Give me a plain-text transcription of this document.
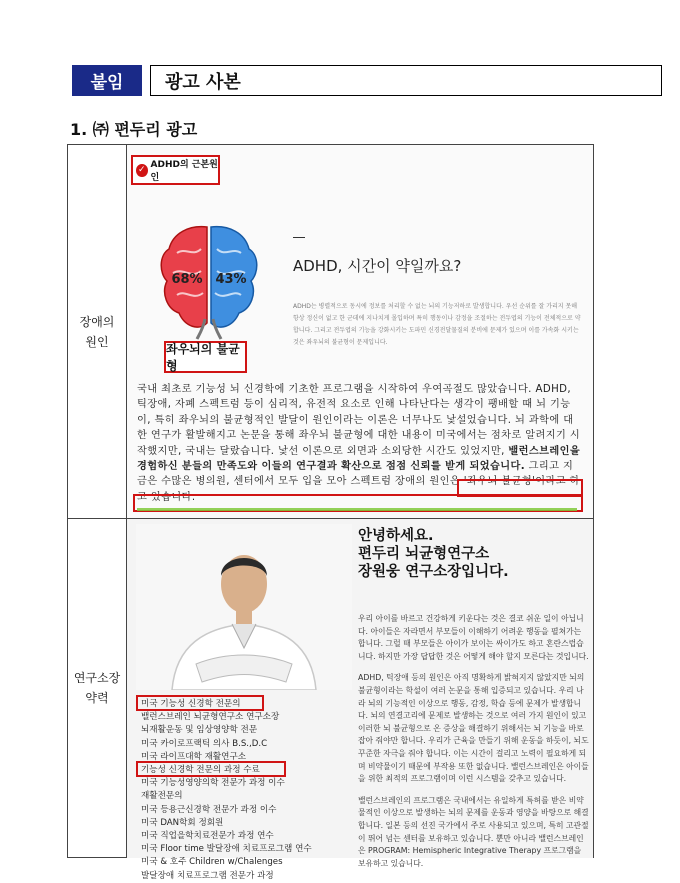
붙임	광고 사본
1. ㈜ 편두리 광고
장애의
원인
연구소장
약력
✓ ADHD의 근본원인
68% 43%
좌우뇌의 불균형
ADHD, 시간이 약일까요?
ADHD는 병렬적으로 동시에 정보를 처리할 수 없는 뇌의 기능저하로 발생합니다. 우선 순위를 잘 가리지 못해 항상 정신이 없고 한 군데에 지나치게 몰입하며 특히 행동이나 감정을 조절하는 전두엽의 기능이 전체적으로 약합니다. 그리고 전두엽의 기능을 강화시키는 도파민 신경전달물질의 분비에 문제가 있으며 이를 가속화 시키는 것은 좌우뇌의 불균형이 문제입니다.
국내 최초로 기능성 뇌 신경학에 기초한 프로그램을 시작하여 우여곡절도 많았습니다. ADHD, 틱장애, 자폐 스펙트럼 등이 심리적, 유전적 요소로 인해 나타난다는 생각이 팽배할 때 뇌 기능이, 특히 좌우뇌의 불균형적인 발달이 원인이라는 이론은 너무나도 낯설었습니다. 뇌 과학에 대한 연구가 활발해지고 논문을 통해 좌우뇌 불균형에 대한 내용이 미국에서는 점차로 알려지기 시작했지만, 국내는 달랐습니다. 낯선 이론으로 외면과 소외당한 시간도 있었지만, 밸런스브레인을 경험하신 분들의 만족도와 이들의 연구결과 확산으로 점점 신뢰를 받게 되었습니다. 그리고 지금은 수많은 병의원, 센터에서 모두 입을 모아 스펙트럼 장애의 원인은 '좌우뇌 불균형'이라고 하고 있습니다.
미국 기능성 신경학 전문의
밸런스브레인 뇌균형연구소 연구소장
뇌재활운동 및 임상영양학 전문
미국 카이로프랙틱 의사 B.S.,D.C
미국 라이프대학 재활연구소
기능성 신경학 전문의 과정 수료
미국 기능성영양의학 전문가 과정 이수
재활전문의
미국 등용근신경학 전문가 과정 이수
미국 DAN학회 정회원
미국 직업을학치료전문가 과정 연수
미국 Floor time 발달장애 치료프로그램 연수
미국 & 호주 Children w/Chalenges
발달장애 치료프로그램 전문가 과정
안녕하세요.
편두리 뇌균형연구소
장원웅 연구소장입니다.

우리 아이를 바르고 건강하게 키운다는 것은 결코 쉬운 일이 아닙니다. 아이들은 자라면서 부모들이 이해하기 어려운 행동을 펼쳐가는 합니다. 그럴 때 부모들은 아이가 보이는 싸이가도 하고 혼란스럽습니다. 하지만 가장 답답한 것은 어떻게 해야 할지 모른다는 것입니다.

ADHD, 틱장애 등의 원인은 아직 명확하게 밝혀지지 않았지만 뇌의 불균형이라는 학설이 여러 논문을 통해 입증되고 있습니다. 우리 나라 뇌의 기능적인 이상으로 행동, 감정, 학습 등에 문제가 발생합니다. 뇌의 연결고리에 문제로 발생하는 것으로 여러 가지 원인이 있고 이러한 뇌 불균형으로 온 증상을 해결하기 위해서는 뇌 기능을 바로잡아 줘야만 합니다. 우리가 근육을 만들기 위해 운동을 하듯이, 뇌도 꾸준한 자극을 줘야 합니다. 이는 시간이 걸리고 노력이 필요하게 되며 비약물이기 때문에 부작용 또한 없습니다. 밸런스브레인은 아이들을 위한 최적의 프로그램이며 이런 시스템을 갖추고 있습니다.

밸런스브레인의 프로그램은 국내에서는 유일하게 특허를 받은 비약물적인 이상으로 발생하는 뇌의 문제를 운동과 영양을 바탕으로 해결합니다. 일본 등의 선진 국가에서 주로 사용되고 있으며, 특히 고관절이 뛰어 넘는 센터를 보유하고 있습니다. 뿐만 아니라 밸런스브레인은 PROGRAM: Hemispheric Integrative Therapy 프로그램을 보유하고 있습니다.
